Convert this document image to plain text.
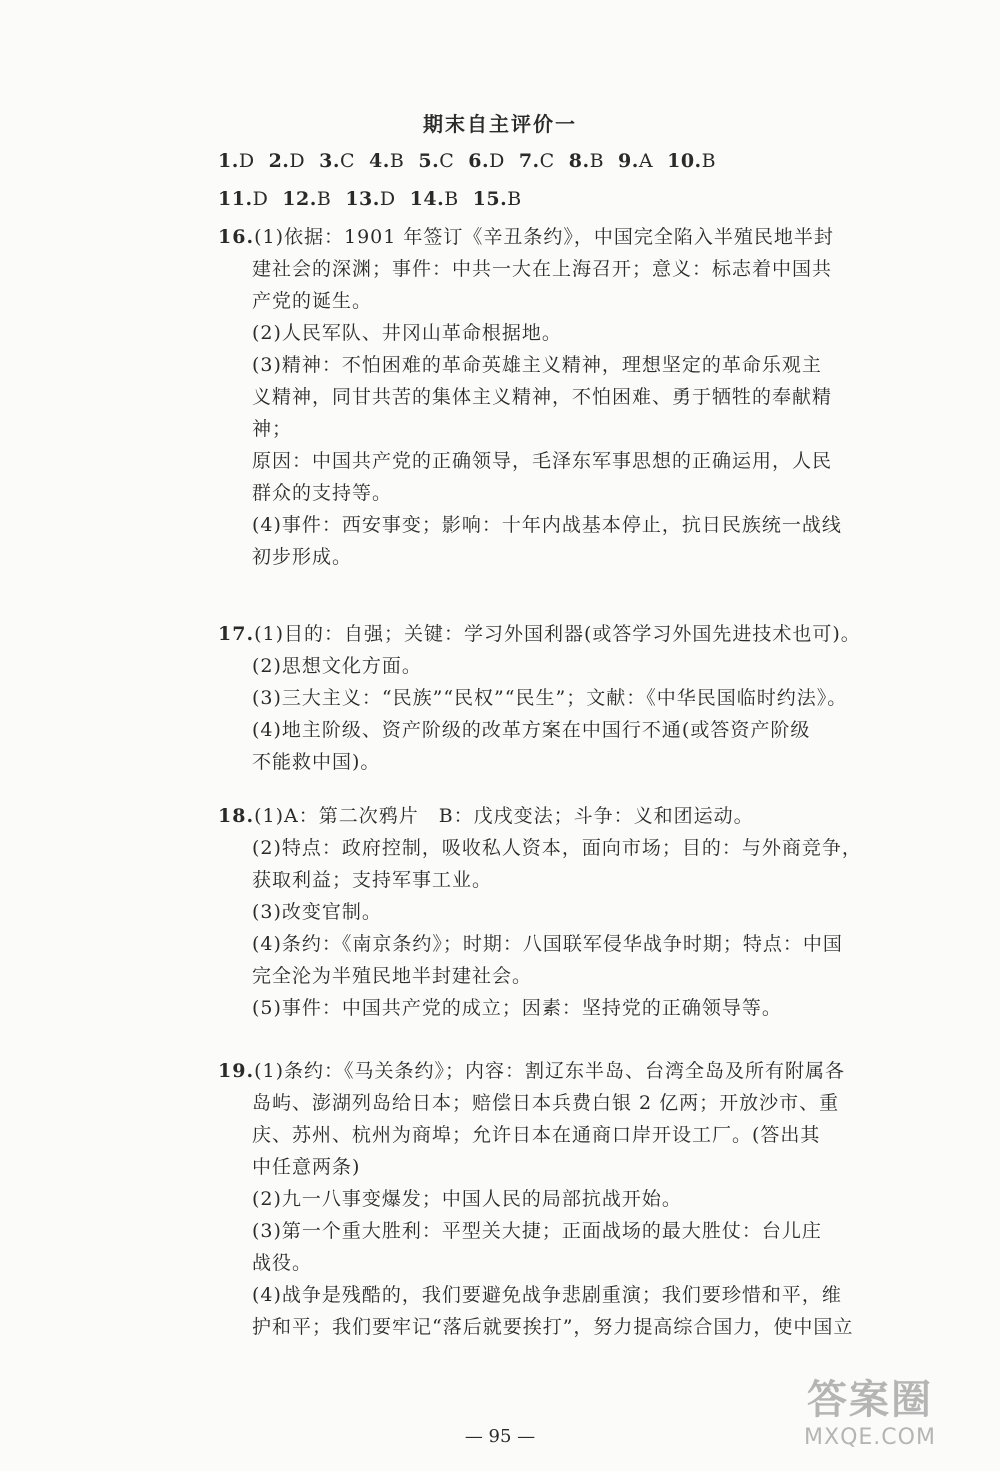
期末自主评价一
1.D 2.D 3.C 4.B 5.C 6.D 7.C 8.B 9.A 10.B
11.D 12.B 13.D 14.B 15.B
16.(1)依据：1901 年签订《辛丑条约》，中国完全陷入半殖民地半封
建社会的深渊；事件：中共一大在上海召开；意义：标志着中国共
产党的诞生。
(2)人民军队、井冈山革命根据地。
(3)精神：不怕困难的革命英雄主义精神，理想坚定的革命乐观主
义精神，同甘共苦的集体主义精神，不怕困难、勇于牺牲的奉献精
神；
原因：中国共产党的正确领导，毛泽东军事思想的正确运用，人民
群众的支持等。
(4)事件：西安事变；影响：十年内战基本停止，抗日民族统一战线
初步形成。
17.(1)目的：自强；关键：学习外国利器(或答学习外国先进技术也可)。
(2)思想文化方面。
(3)三大主义：“民族”“民权”“民生”；文献：《中华民国临时约法》。
(4)地主阶级、资产阶级的改革方案在中国行不通(或答资产阶级
不能救中国)。
18.(1)A：第二次鸦片　B：戊戌变法；斗争：义和团运动。
(2)特点：政府控制，吸收私人资本，面向市场；目的：与外商竞争，
获取利益；支持军事工业。
(3)改变官制。
(4)条约：《南京条约》；时期：八国联军侵华战争时期；特点：中国
完全沦为半殖民地半封建社会。
(5)事件：中国共产党的成立；因素：坚持党的正确领导等。
19.(1)条约：《马关条约》；内容：割辽东半岛、台湾全岛及所有附属各
岛屿、澎湖列岛给日本；赔偿日本兵费白银 2 亿两；开放沙市、重
庆、苏州、杭州为商埠；允许日本在通商口岸开设工厂。(答出其
中任意两条)
(2)九一八事变爆发；中国人民的局部抗战开始。
(3)第一个重大胜利：平型关大捷；正面战场的最大胜仗：台儿庄
战役。
(4)战争是残酷的，我们要避免战争悲剧重演；我们要珍惜和平，维
护和平；我们要牢记“落后就要挨打”，努力提高综合国力，使中国立
— 95 —
答案圈
MXQE.COM
